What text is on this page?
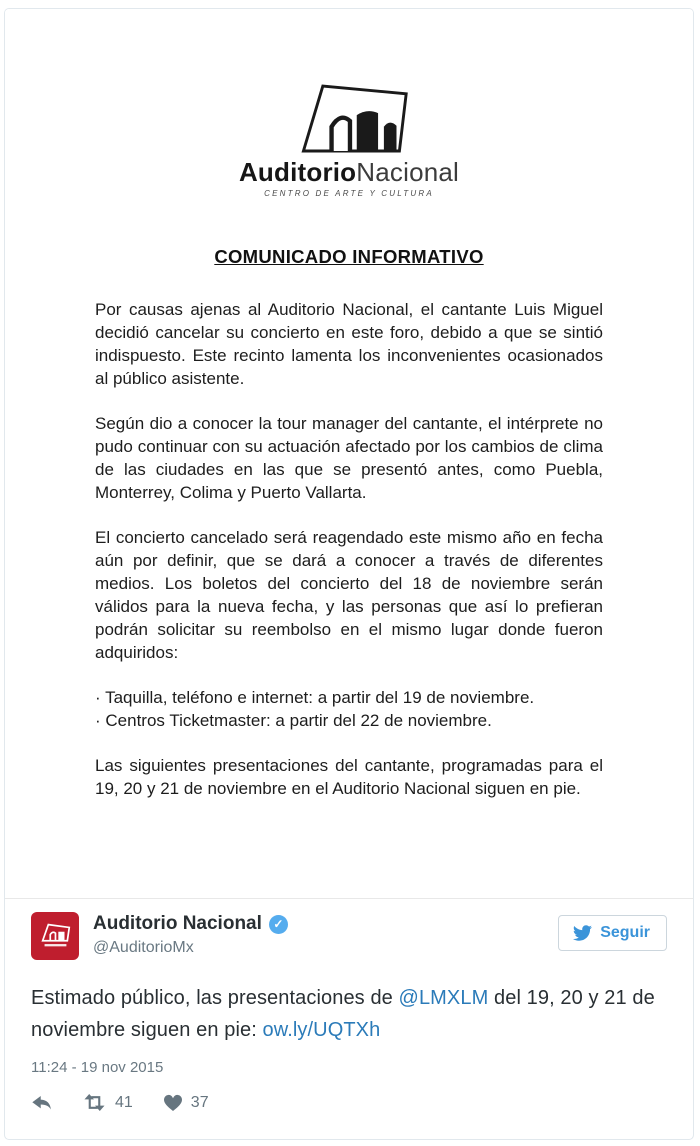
AuditorioNacional
CENTRO DE ARTE Y CULTURA
COMUNICADO INFORMATIVO

Por causas ajenas al Auditorio Nacional, el cantante Luis Miguel decidió cancelar su concierto en este foro, debido a que se sintió indispuesto. Este recinto lamenta los inconvenientes ocasionados al público asistente.

Según dio a conocer la tour manager del cantante, el intérprete no pudo continuar con su actuación afectado por los cambios de clima de las ciudades en las que se presentó antes, como Puebla, Monterrey, Colima y Puerto Vallarta.

El concierto cancelado será reagendado este mismo año en fecha aún por definir, que se dará a conocer a través de diferentes medios. Los boletos del concierto del 18 de noviembre serán válidos para la nueva fecha, y las personas que así lo prefieran podrán solicitar su reembolso en el mismo lugar donde fueron adquiridos:

· Taquilla, teléfono e internet: a partir del 19 de noviembre.

· Centros Ticketmaster: a partir del 22 de noviembre.

Las siguientes presentaciones del cantante, programadas para el 19, 20 y 21 de noviembre en el Auditorio Nacional siguen en pie.

Auditorio Nacional ✓
@AuditorioMx
Seguir
Estimado público, las presentaciones de @LMXLM del 19, 20 y 21 de noviembre siguen en pie: ow.ly/UQTXh
11:24 - 19 nov 2015
41	37
